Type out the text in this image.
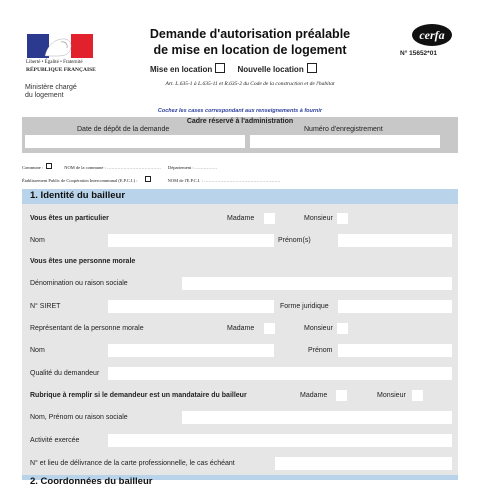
Liberté • Égalité • Fraternité
RÉPUBLIQUE FRANÇAISE
Ministère chargé
du logement
Demande d'autorisation préalable
de mise en location de logement
Mise en location	Nouvelle location
Art. L.635-1 à L.635-11 et R.635-2 du Code de la construction et de l'habitat
cerfa
N° 15652*01
Cochez les cases correspondant aux renseignements à fournir
Cadre réservé à l'administration
Date de dépôt de la demande	Numéro d'enregistrement
Commune :	NOM de la commune : ……………………………… Département : ……………
Établissement Public de Coopération Intercommunal (E.P.C.I.) :	NOM de l'E.P.C.I. : ……………………………………………
1. Identité du bailleur
Vous êtes un particulier	Madame	Monsieur
Nom	Prénom(s)
Vous êtes une personne morale
Dénomination ou raison sociale
N° SIRET	Forme juridique
Représentant de la personne morale	Madame	Monsieur
Nom	Prénom
Qualité du demandeur
Rubrique à remplir si le demandeur est un mandataire du bailleur	Madame	Monsieur
Nom, Prénom ou raison sociale
Activité exercée
N° et lieu de délivrance de la carte professionnelle, le cas échéant
2. Coordonnées du bailleur
